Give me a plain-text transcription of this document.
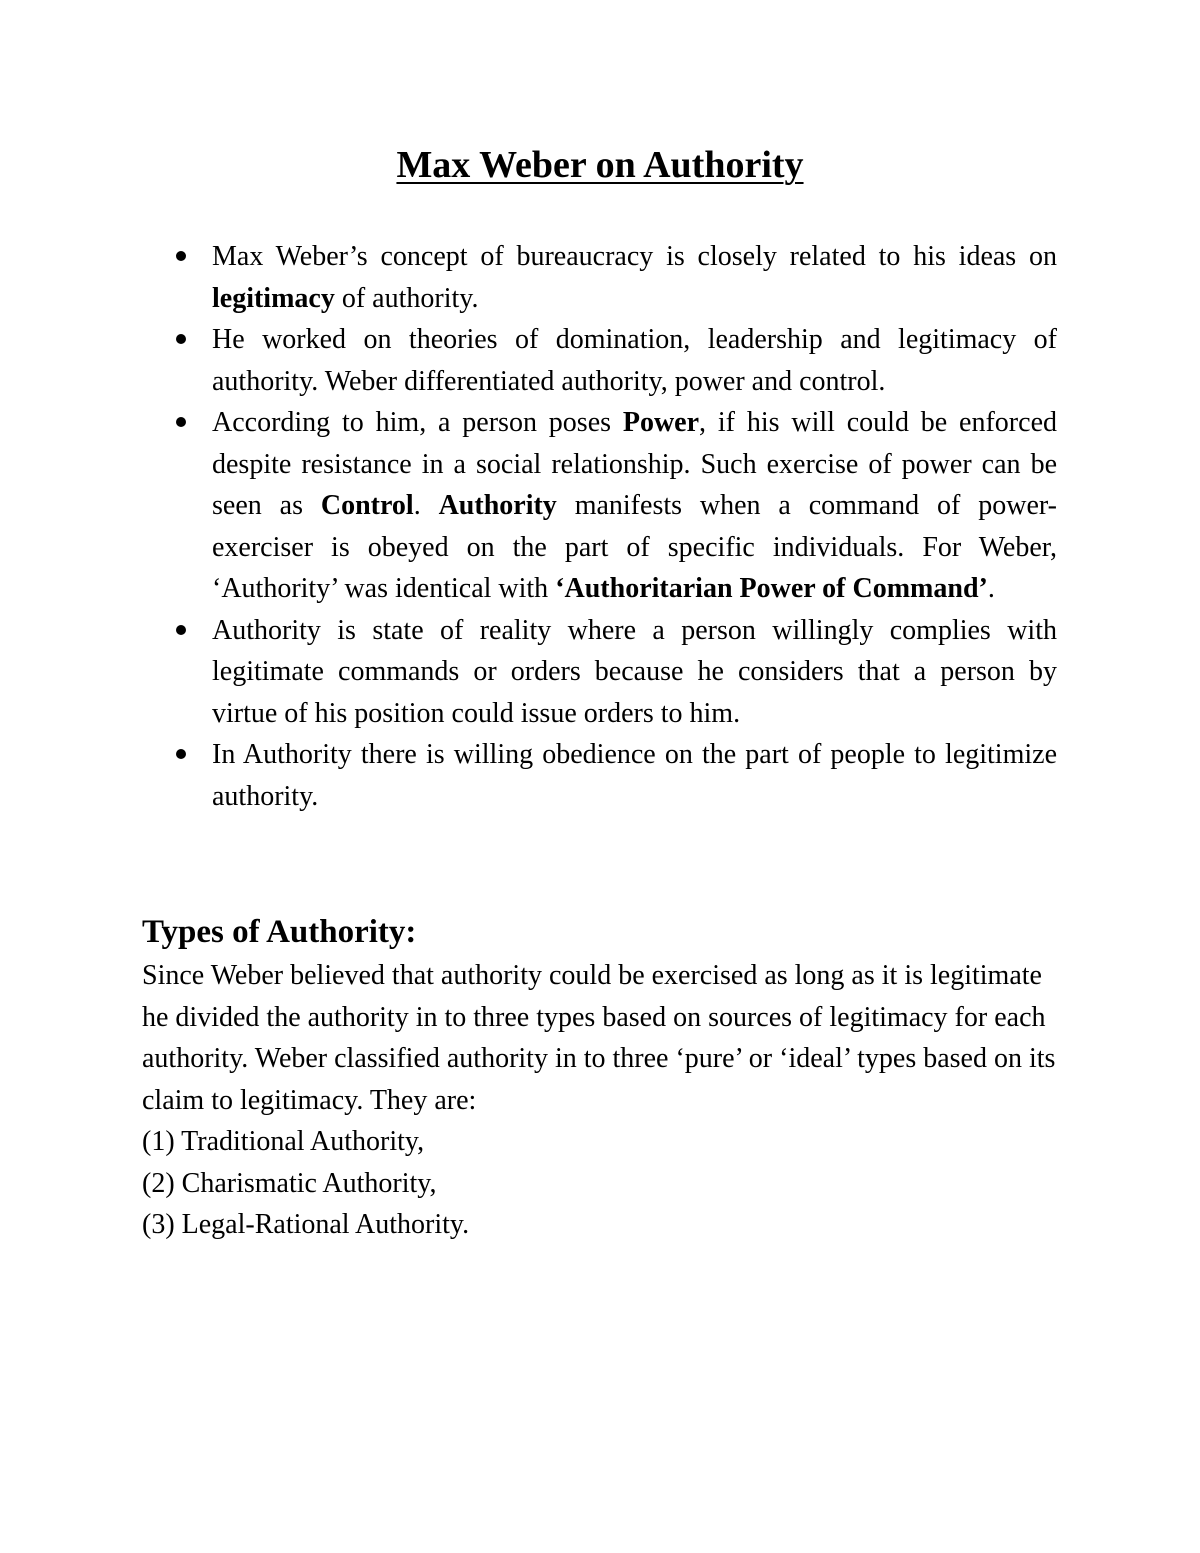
Max Weber on Authority
Max Weber’s concept of bureaucracy is closely related to his ideas on legitimacy of authority.
He worked on theories of domination, leadership and legitimacy of authority. Weber differentiated authority, power and control.
According to him, a person poses Power, if his will could be enforced despite resistance in a social relationship. Such exercise of power can be seen as Control. Authority manifests when a command of power-exerciser is obeyed on the part of specific individuals. For Weber, ‘Authority’ was identical with ‘Authoritarian Power of Command’.
Authority is state of reality where a person willingly complies with legitimate commands or orders because he considers that a person by virtue of his position could issue orders to him.
In Authority there is willing obedience on the part of people to legitimize authority.
Types of Authority:

Since Weber believed that authority could be exercised as long as it is legitimate he divided the authority in to three types based on sources of legitimacy for each authority. Weber classified authority in to three ‘pure’ or ‘ideal’ types based on its claim to legitimacy. They are:

(1) Traditional Authority,
(2) Charismatic Authority,
(3) Legal-Rational Authority.
